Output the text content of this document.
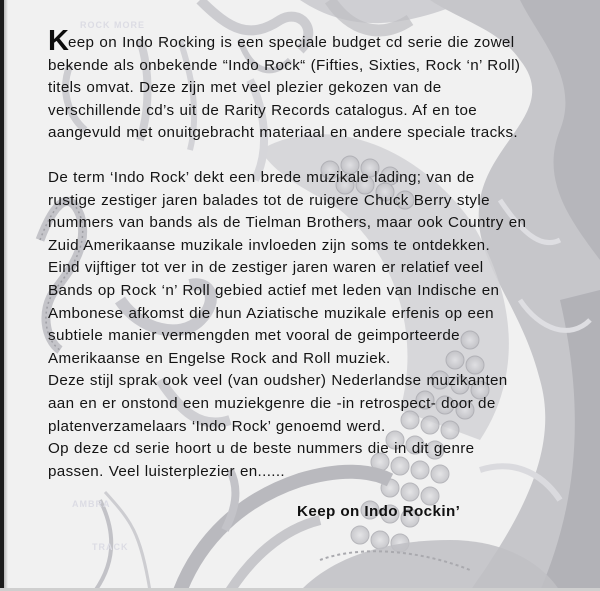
ROCK MORE
AMBRA
TRACK

Keep on Indo Rocking is een speciale budget cd serie die zowel
bekende als onbekende “Indo Rock“ (Fifties, Sixties, Rock ‘n’ Roll)
titels omvat. Deze zijn met veel plezier gekozen van de
verschillende cd’s uit de Rarity Records catalogus. Af en toe
aangevuld met onuitgebracht materiaal en andere speciale tracks.

De term ‘Indo Rock’ dekt een brede muzikale lading; van de
rustige zestiger jaren balades tot de ruigere Chuck Berry style
nummers van bands als de Tielman Brothers, maar ook Country en
Zuid Amerikaanse muzikale invloeden zijn soms te ontdekken.
Eind vijftiger tot ver in de zestiger jaren waren er relatief veel
Bands op Rock ‘n’ Roll gebied actief met leden van Indische en
Ambonese afkomst die hun Aziatische muzikale erfenis op een
subtiele manier vermengden met vooral de geimporteerde
Amerikaanse en Engelse Rock and Roll muziek.
Deze stijl sprak ook veel (van oudsher) Nederlandse muzikanten
aan en er onstond een muziekgenre die -in retrospect- door de
platenverzamelaars ‘Indo Rock’ genoemd werd.
Op deze cd serie hoort u de beste nummers die in dit genre
passen. Veel luisterplezier en......

Keep on Indo Rockin’
